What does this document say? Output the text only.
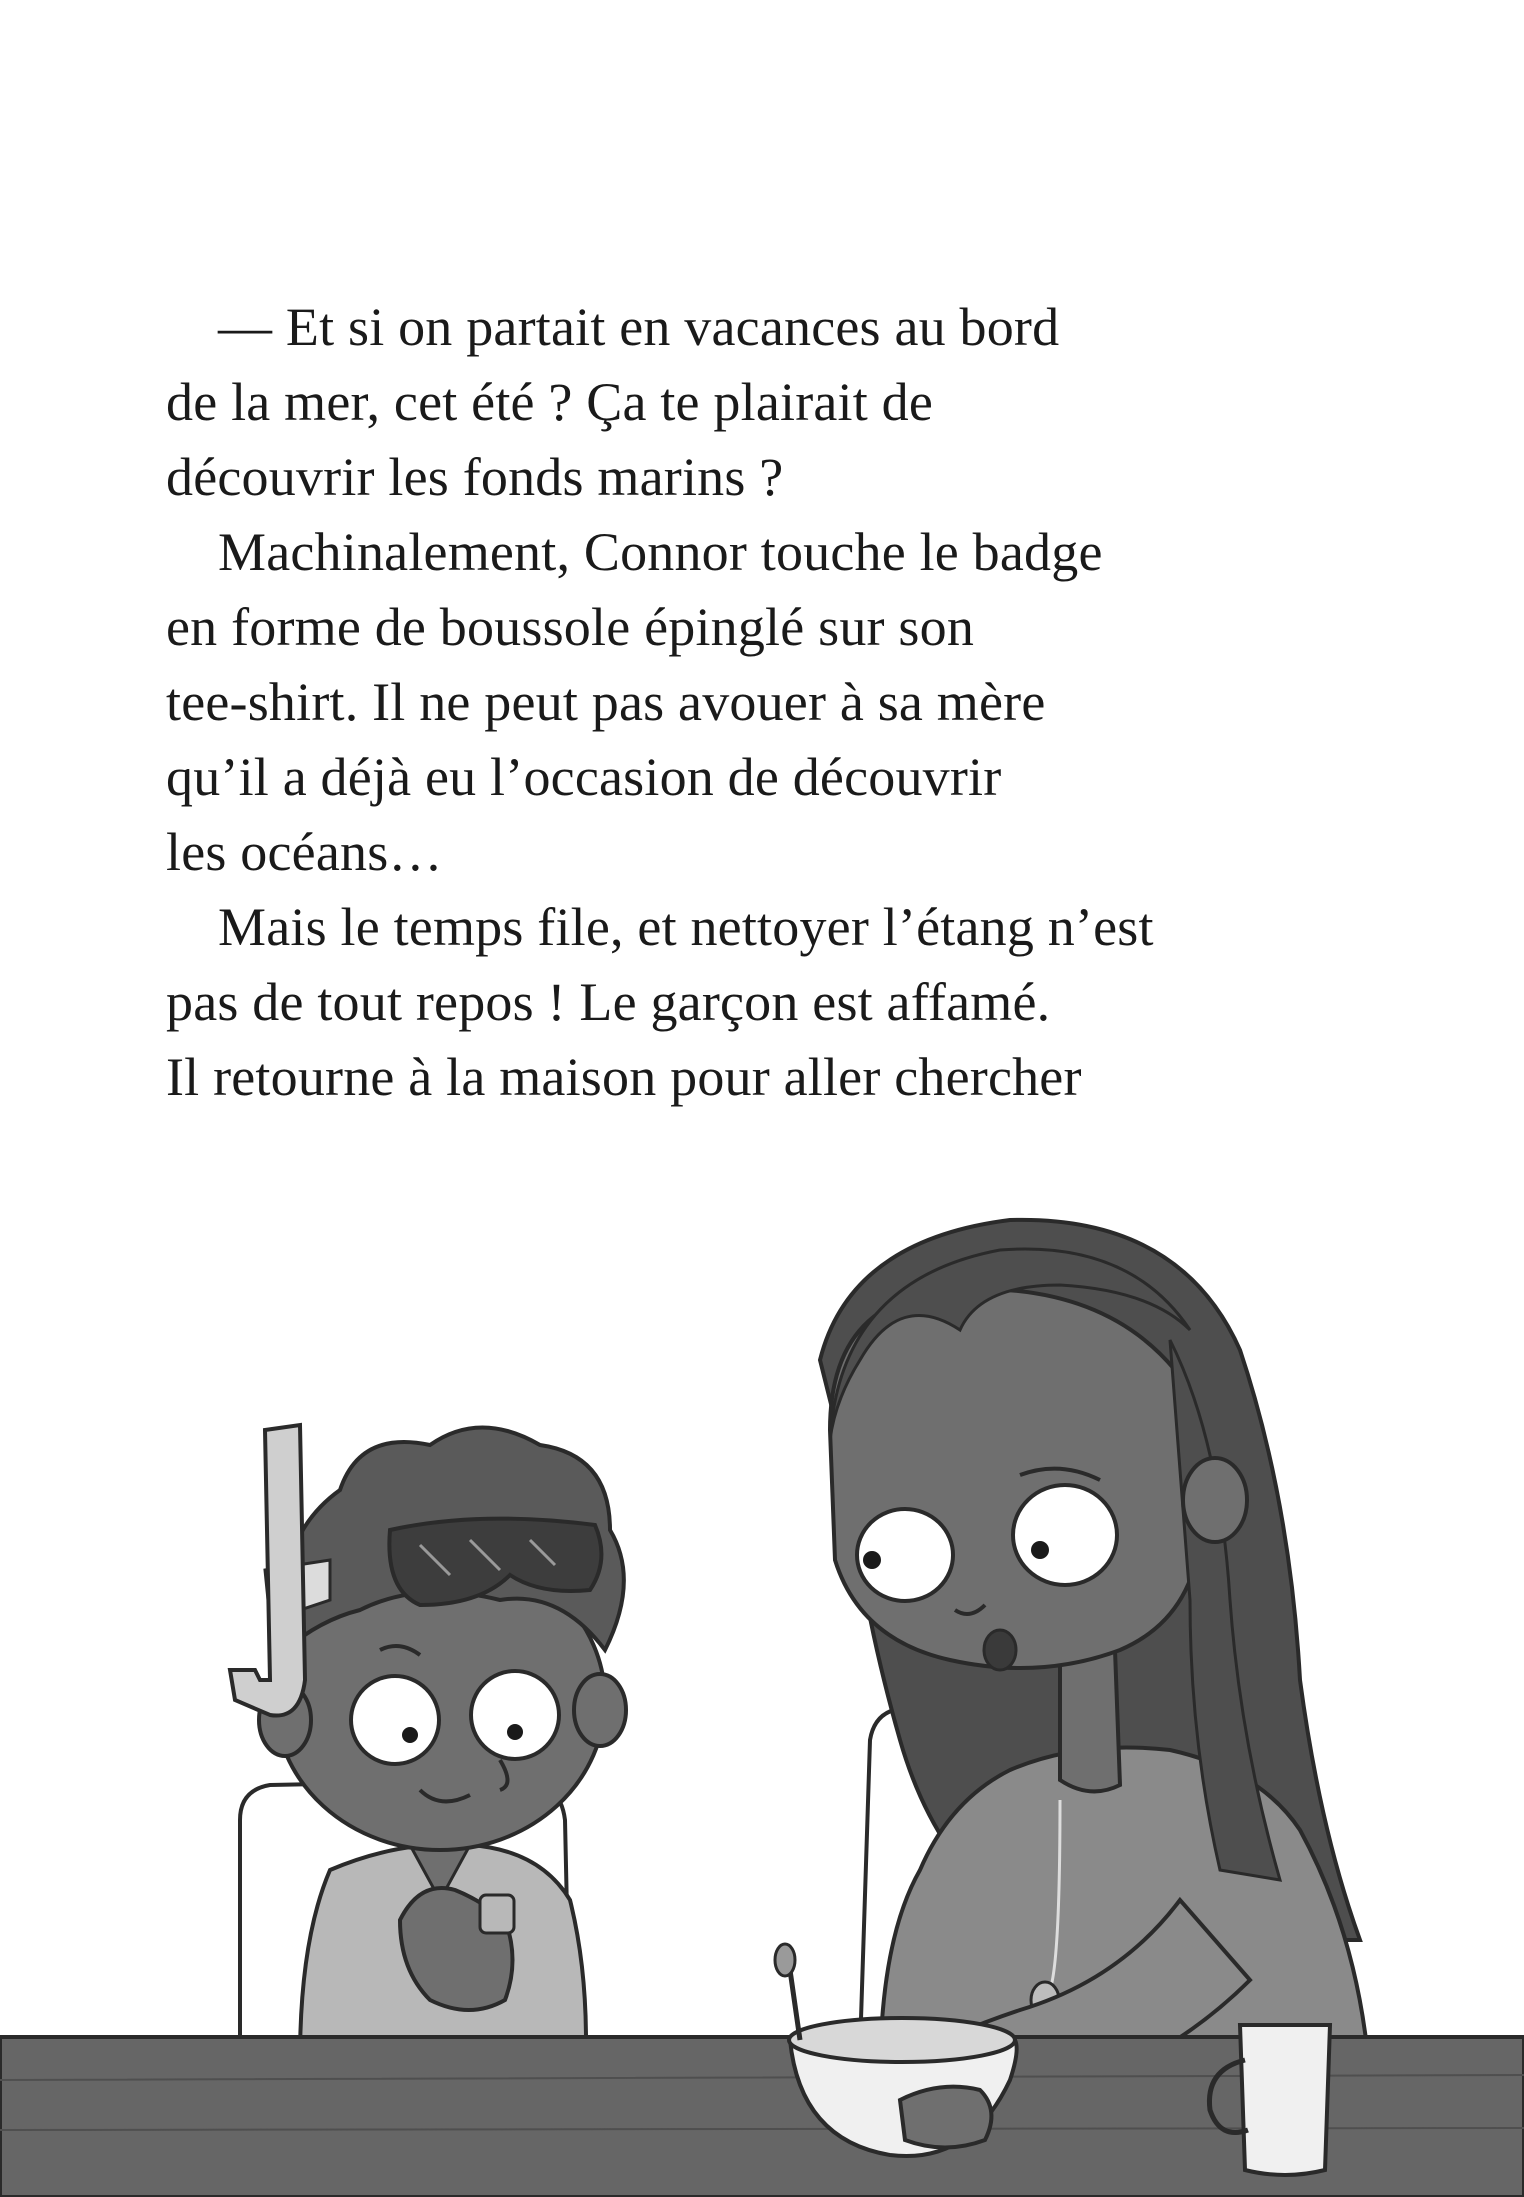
— Et si on partait en vacances au bord
de la mer, cet été ? Ça te plairait de
découvrir les fonds marins ?
Machinalement, Connor touche le badge
en forme de boussole épinglé sur son
tee-shirt. Il ne peut pas avouer à sa mère
qu’il a déjà eu l’occasion de découvrir
les océans…
Mais le temps file, et nettoyer l’étang n’est
pas de tout repos ! Le garçon est affamé.
Il retourne à la maison pour aller chercher
